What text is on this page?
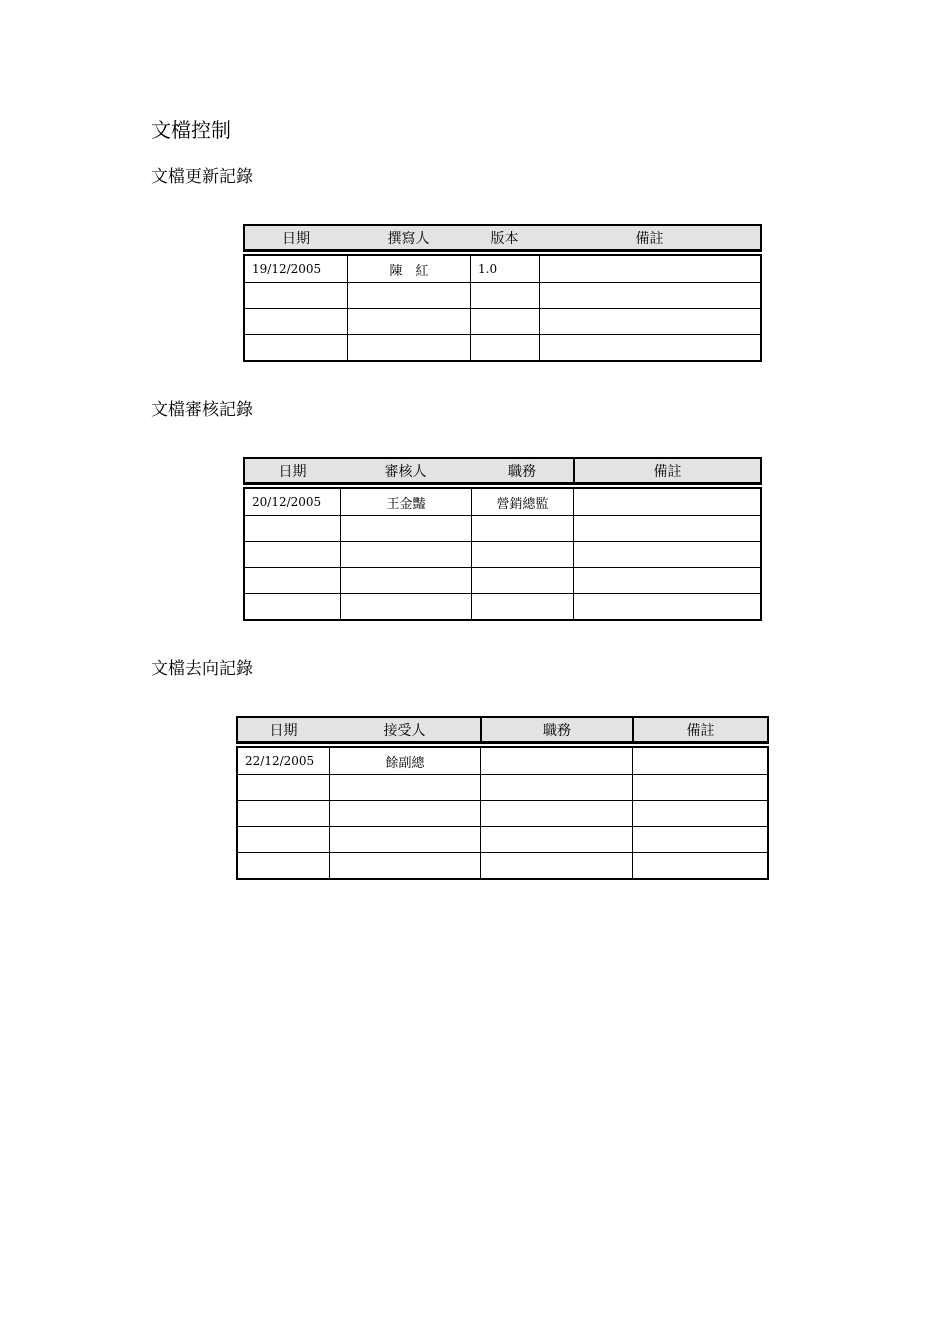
文檔控制
文檔更新記錄
日期	撰寫人	版本	備註
19/12/2005	陳　紅	1.0
文檔審核記錄
日期	審核人	職務	備註
20/12/2005	王金豔	營銷總監
文檔去向記錄
日期	接受人	職務	備註
22/12/2005	餘副總
